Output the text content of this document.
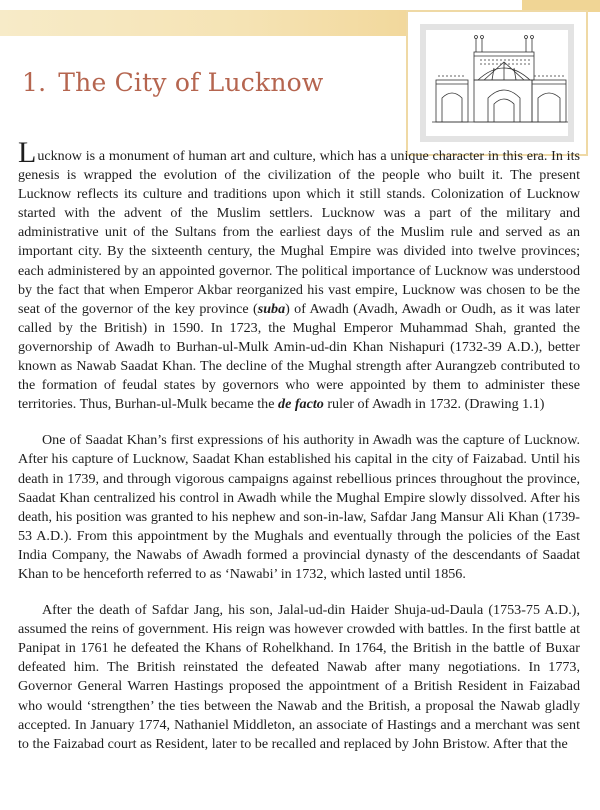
1. The City of Lucknow

Lucknow is a monument of human art and culture, which has a unique character in this era. In its genesis is wrapped the evolution of the civilization of the people who built it. The present Lucknow reflects its culture and traditions upon which it still stands. Colonization of Lucknow started with the advent of the Muslim settlers. Lucknow was a part of the military and administrative unit of the Sultans from the earliest days of the Muslim rule and served as an important city. By the sixteenth century, the Mughal Empire was divided into twelve provinces; each administered by an appointed governor. The political importance of Lucknow was understood by the fact that when Emperor Akbar reorganized his vast empire, Lucknow was chosen to be the seat of the governor of the key province (suba) of Awadh (Avadh, Awadh or Oudh, as it was later called by the British) in 1590. In 1723, the Mughal Emperor Muhammad Shah, granted the governorship of Awadh to Burhan-ul-Mulk Amin-ud-din Khan Nishapuri (1732-39 A.D.), better known as Nawab Saadat Khan. The decline of the Mughal strength after Aurangzeb contributed to the formation of feudal states by governors who were appointed by them to administer these territories. Thus, Burhan-ul-Mulk became the de facto ruler of Awadh in 1732. (Drawing 1.1)

One of Saadat Khan’s first expressions of his authority in Awadh was the capture of Lucknow. After his capture of Lucknow, Saadat Khan established his capital in the city of Faizabad. Until his death in 1739, and through vigorous campaigns against rebellious princes throughout the province, Saadat Khan centralized his control in Awadh while the Mughal Empire slowly dissolved. After his death, his position was granted to his nephew and son-in-law, Safdar Jang Mansur Ali Khan (1739-53 A.D.). From this appointment by the Mughals and eventually through the policies of the East India Company, the Nawabs of Awadh formed a provincial dynasty of the descendants of Saadat Khan to be henceforth referred to as ‘Nawabi’ in 1732, which lasted until 1856.

After the death of Safdar Jang, his son, Jalal-ud-din Haider Shuja-ud-Daula (1753-75 A.D.), assumed the reins of government. His reign was however crowded with battles. In the first battle at Panipat in 1761 he defeated the Khans of Rohelkhand. In 1764, the British in the battle of Buxar defeated him. The British reinstated the defeated Nawab after many negotiations. In 1773, Governor General Warren Hastings proposed the appointment of a British Resident in Faizabad who would ‘strengthen’ the ties between the Nawab and the British, a proposal the Nawab gladly accepted. In January 1774, Nathaniel Middleton, an associate of Hastings and a merchant was sent to the Faizabad court as Resident, later to be recalled and replaced by John Bristow. After that the
